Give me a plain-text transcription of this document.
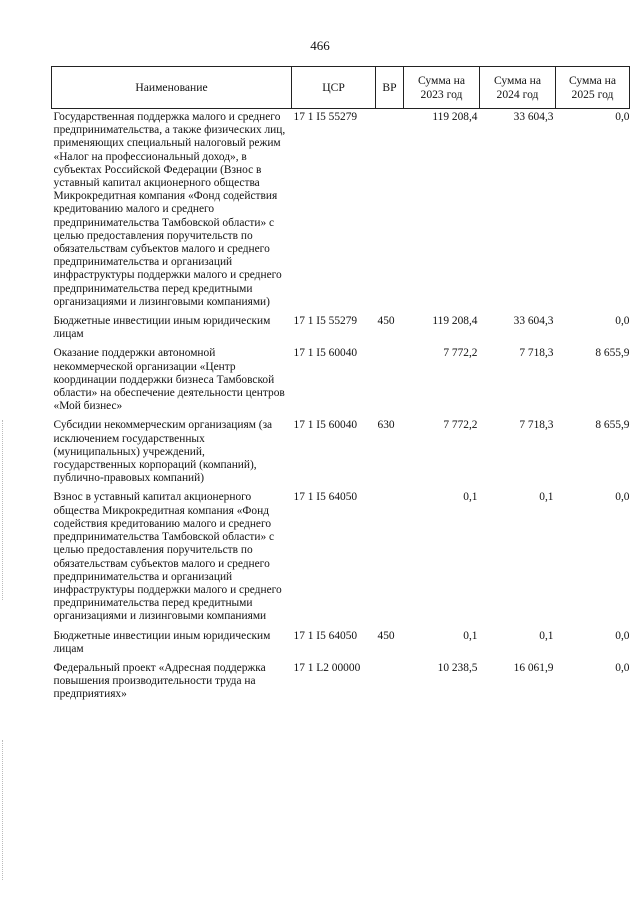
466
Наименование	ЦСР	ВР	Сумма на 2023 год	Сумма на 2024 год	Сумма на 2025 год
Государственная поддержка малого и среднего предпринимательства, а также физических лиц, применяющих специальный налоговый режим «Налог на профессиональный доход», в субъектах Российской Федерации (Взнос в уставный капитал акционерного общества Микрокредитная компания «Фонд содействия кредитованию малого и среднего предпринимательства Тамбовской области» с целью предоставления поручительств по обязательствам субъектов малого и среднего предпринимательства и организаций инфраструктуры поддержки малого и среднего предпринимательства перед кредитными организациями и лизинговыми компаниями)	17 1 I5 55279		119 208,4	33 604,3	0,0
Бюджетные инвестиции иным юридическим лицам	17 1 I5 55279	450	119 208,4	33 604,3	0,0
Оказание поддержки автономной некоммерческой организации «Центр координации поддержки бизнеса Тамбовской области» на обеспечение деятельности центров «Мой бизнес»	17 1 I5 60040		7 772,2	7 718,3	8 655,9
Субсидии некоммерческим организациям (за исключением государственных (муниципальных) учреждений, государственных корпораций (компаний), публично-правовых компаний)	17 1 I5 60040	630	7 772,2	7 718,3	8 655,9
Взнос в уставный капитал акционерного общества Микрокредитная компания «Фонд содействия кредитованию малого и среднего предпринимательства Тамбовской области» с целью предоставления поручительств по обязательствам субъектов малого и среднего предпринимательства и организаций инфраструктуры поддержки малого и среднего предпринимательства перед кредитными организациями и лизинговыми компаниями	17 1 I5 64050		0,1	0,1	0,0
Бюджетные инвестиции иным юридическим лицам	17 1 I5 64050	450	0,1	0,1	0,0
Федеральный проект «Адресная поддержка повышения производительности труда на предприятиях»	17 1 L2 00000		10 238,5	16 061,9	0,0
